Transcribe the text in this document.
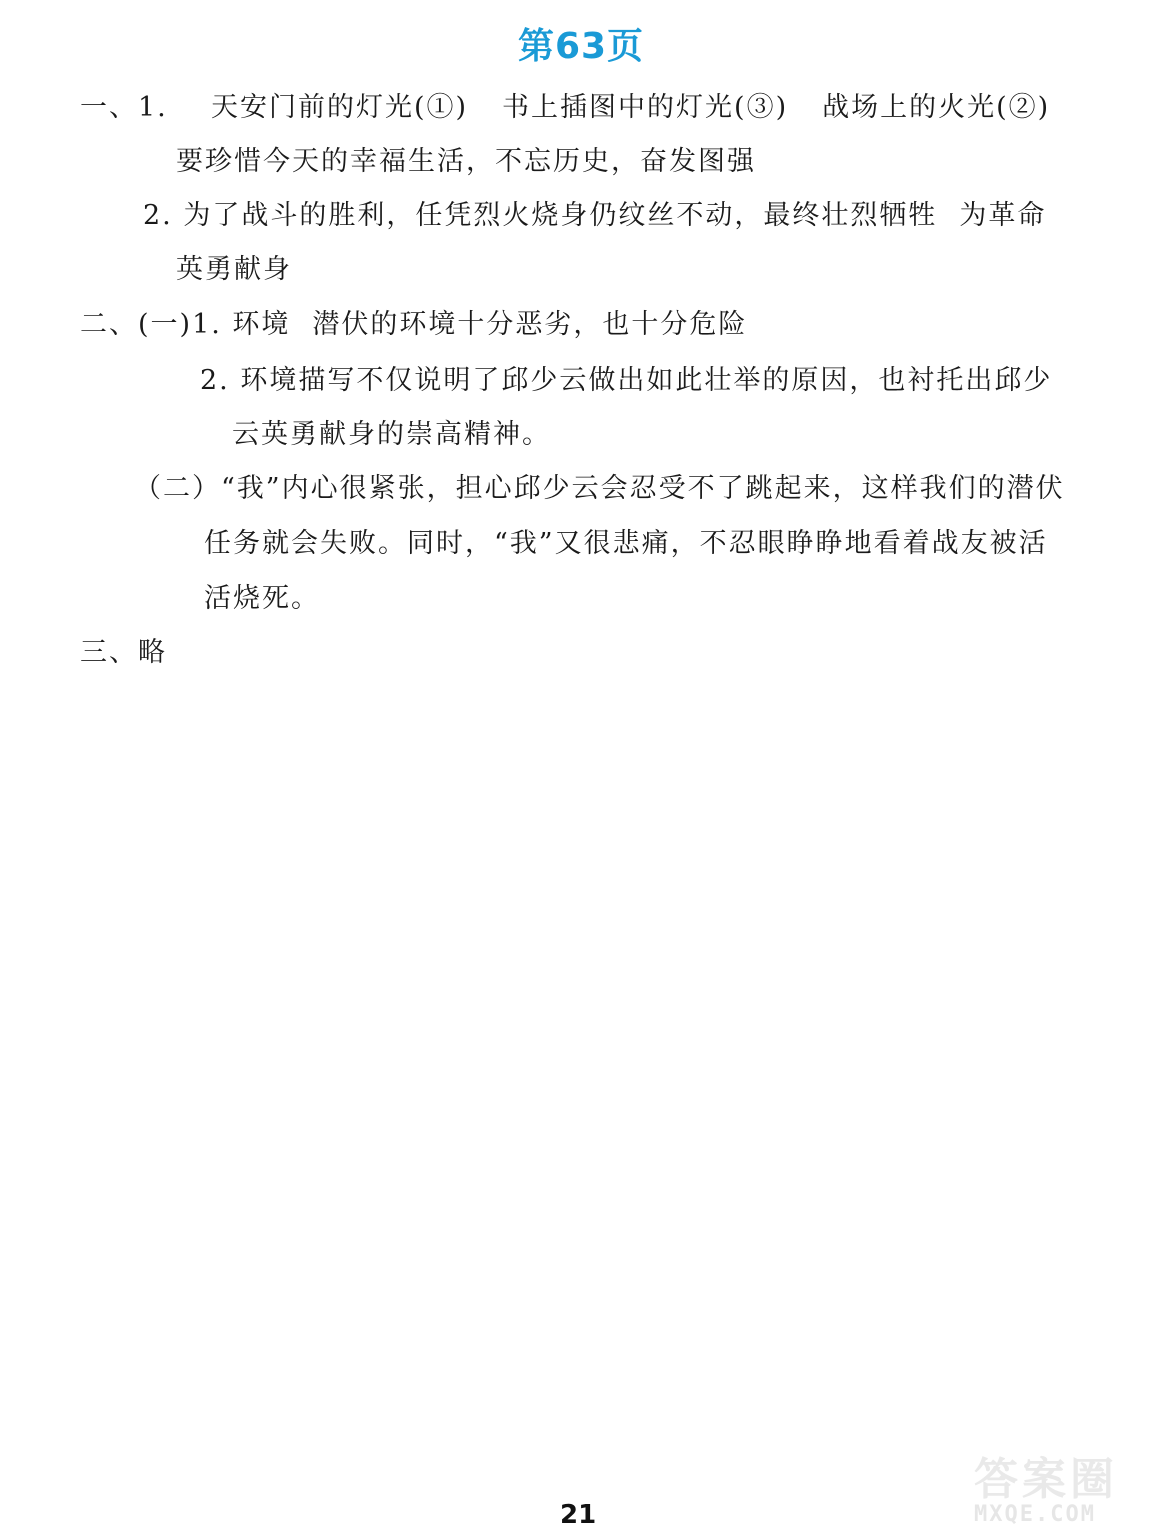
第63页
一、1. 天安门前的灯光(①) 书上插图中的灯光(③) 战场上的火光(②)
要珍惜今天的幸福生活，不忘历史，奋发图强
2. 为了战斗的胜利，任凭烈火烧身仍纹丝不动，最终壮烈牺牲 为革命
英勇献身
二、(一)1. 环境 潜伏的环境十分恶劣，也十分危险
2. 环境描写不仅说明了邱少云做出如此壮举的原因，也衬托出邱少
云英勇献身的崇高精神。
（二）“我”内心很紧张，担心邱少云会忍受不了跳起来，这样我们的潜伏
任务就会失败。同时，“我”又很悲痛，不忍眼睁睁地看着战友被活
活烧死。
三、略
21
答案圈
MXQE.COM
